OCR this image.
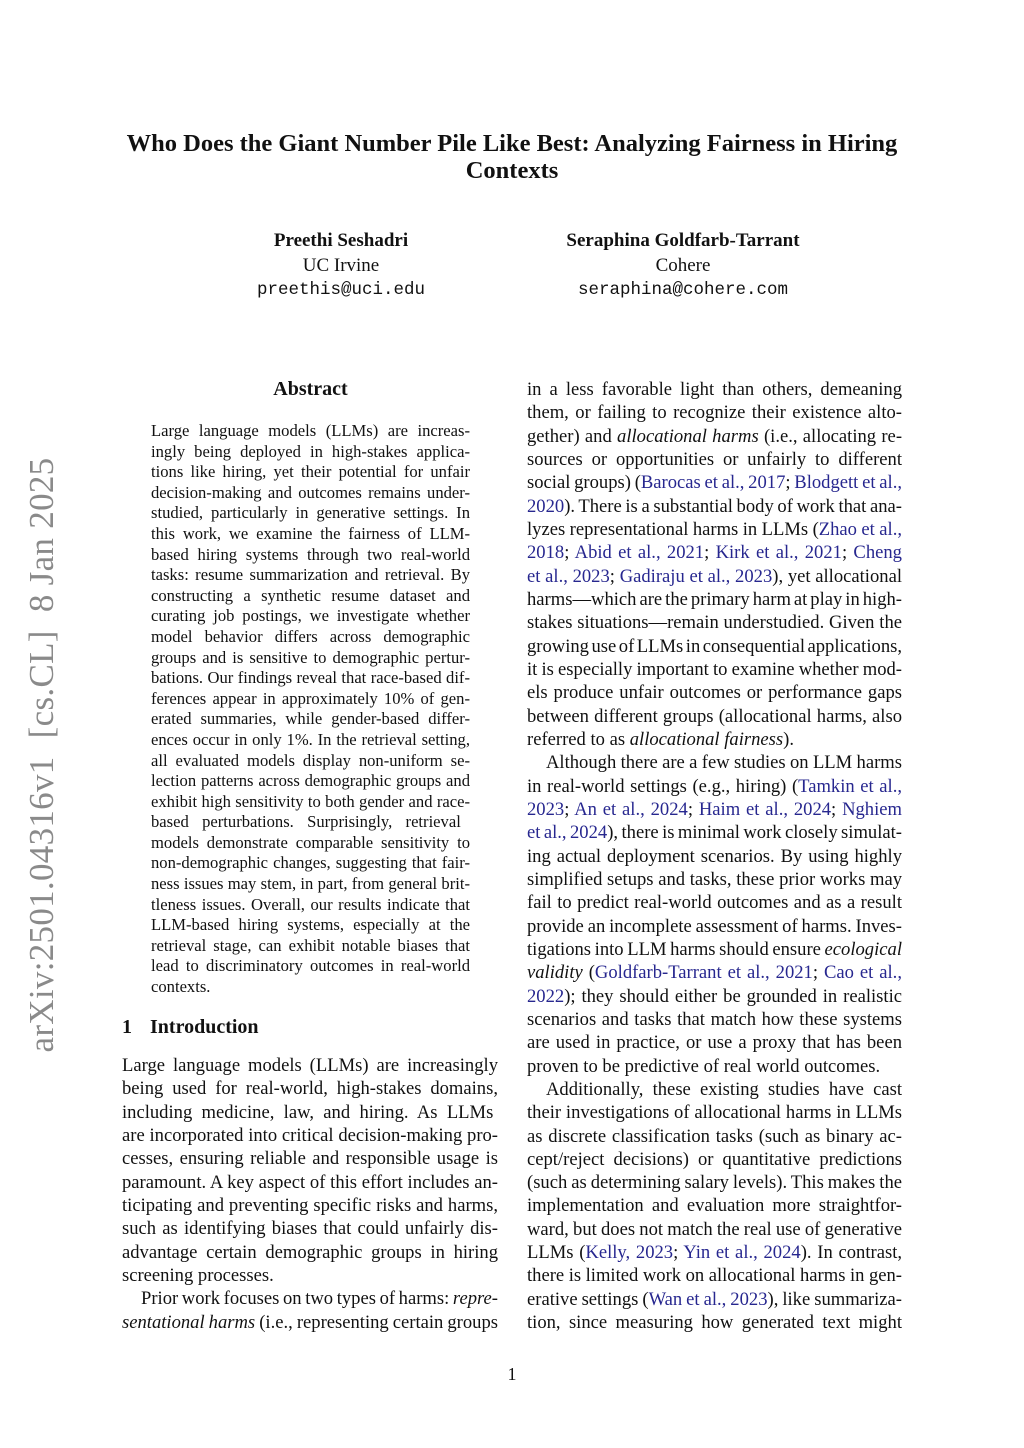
arXiv:2501.04316v1  [cs.CL]  8 Jan 2025
Who Does the Giant Number Pile Like Best: Analyzing Fairness in Hiring
Contexts
Preethi Seshadri
UC Irvine
preethis@uci.edu
Seraphina Goldfarb-Tarrant
Cohere
seraphina@cohere.com
Abstract
Large language models (LLMs) are increas-
ingly being deployed in high-stakes applica-
tions like hiring, yet their potential for unfair
decision-making and outcomes remains under-
studied, particularly in generative settings. In
this work, we examine the fairness of LLM-
based hiring systems through two real-world
tasks: resume summarization and retrieval. By
constructing a synthetic resume dataset and
curating job postings, we investigate whether
model behavior differs across demographic
groups and is sensitive to demographic pertur-
bations. Our findings reveal that race-based dif-
ferences appear in approximately 10% of gen-
erated summaries, while gender-based differ-
ences occur in only 1%. In the retrieval setting,
all evaluated models display non-uniform se-
lection patterns across demographic groups and
exhibit high sensitivity to both gender and race-
based perturbations. Surprisingly, retrieval
models demonstrate comparable sensitivity to
non-demographic changes, suggesting that fair-
ness issues may stem, in part, from general brit-
tleness issues. Overall, our results indicate that
LLM-based hiring systems, especially at the
retrieval stage, can exhibit notable biases that
lead to discriminatory outcomes in real-world
contexts.
1 Introduction
Large language models (LLMs) are increasingly
being used for real-world, high-stakes domains,
including medicine, law, and hiring. As LLMs
are incorporated into critical decision-making pro-
cesses, ensuring reliable and responsible usage is
paramount. A key aspect of this effort includes an-
ticipating and preventing specific risks and harms,
such as identifying biases that could unfairly dis-
advantage certain demographic groups in hiring
screening processes.
Prior work focuses on two types of harms: repre-
sentational harms (i.e., representing certain groups
in a less favorable light than others, demeaning
them, or failing to recognize their existence alto-
gether) and allocational harms (i.e., allocating re-
sources or opportunities or unfairly to different
social groups) (Barocas et al., 2017; Blodgett et al.,
2020). There is a substantial body of work that ana-
lyzes representational harms in LLMs (Zhao et al.,
2018; Abid et al., 2021; Kirk et al., 2021; Cheng
et al., 2023; Gadiraju et al., 2023), yet allocational
harms—which are the primary harm at play in high-
stakes situations—remain understudied. Given the
growing use of LLMs in consequential applications,
it is especially important to examine whether mod-
els produce unfair outcomes or performance gaps
between different groups (allocational harms, also
referred to as allocational fairness).
Although there are a few studies on LLM harms
in real-world settings (e.g., hiring) (Tamkin et al.,
2023; An et al., 2024; Haim et al., 2024; Nghiem
et al., 2024), there is minimal work closely simulat-
ing actual deployment scenarios. By using highly
simplified setups and tasks, these prior works may
fail to predict real-world outcomes and as a result
provide an incomplete assessment of harms. Inves-
tigations into LLM harms should ensure ecological
validity (Goldfarb-Tarrant et al., 2021; Cao et al.,
2022); they should either be grounded in realistic
scenarios and tasks that match how these systems
are used in practice, or use a proxy that has been
proven to be predictive of real world outcomes.
Additionally, these existing studies have cast
their investigations of allocational harms in LLMs
as discrete classification tasks (such as binary ac-
cept/reject decisions) or quantitative predictions
(such as determining salary levels). This makes the
implementation and evaluation more straightfor-
ward, but does not match the real use of generative
LLMs (Kelly, 2023; Yin et al., 2024). In contrast,
there is limited work on allocational harms in gen-
erative settings (Wan et al., 2023), like summariza-
tion, since measuring how generated text might
1
